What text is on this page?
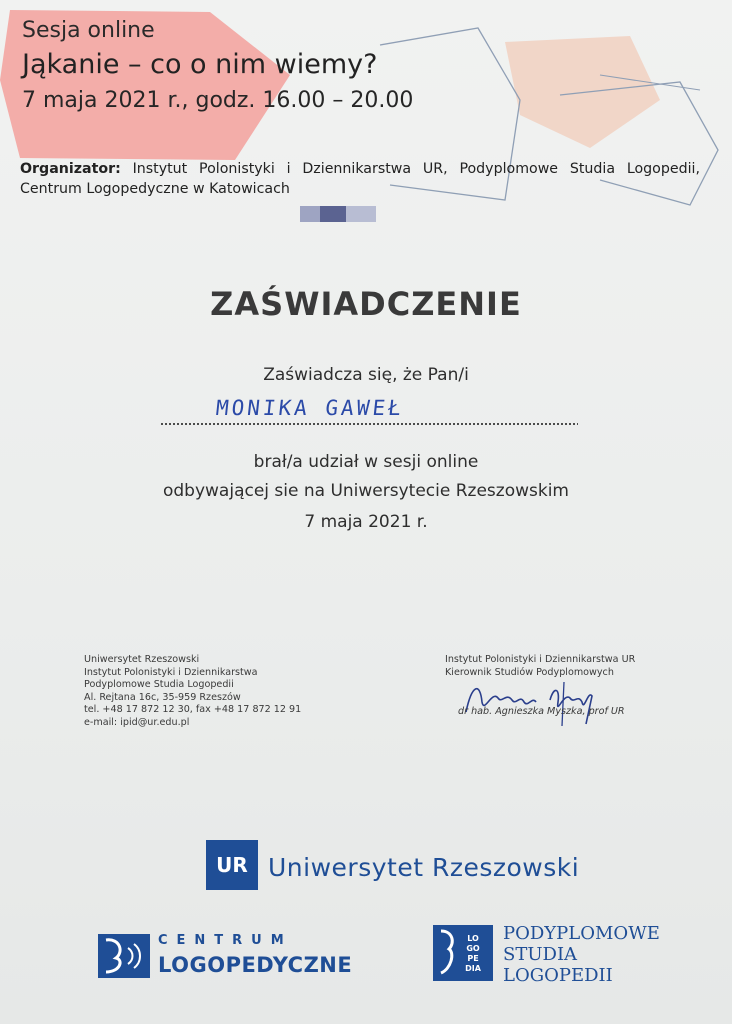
Sesja online
Jąkanie – co o nim wiemy?
7 maja 2021 r., godz. 16.00 – 20.00
Organizator: Instytut Polonistyki i Dziennikarstwa UR, Podyplomowe Studia Logopedii, Centrum Logopedyczne w Katowicach
ZAŚWIADCZENIE
Zaświadcza się, że Pan/i
MONIKA GAWEŁ
brał/a udział w sesji online
odbywającej sie na Uniwersytecie Rzeszowskim
7 maja 2021 r.
Uniwersytet Rzeszowski
Instytut Polonistyki i Dziennikarstwa
Podyplomowe Studia Logopedii
Al. Rejtana 16c, 35-959 Rzeszów
tel. +48 17 872 12 30, fax +48 17 872 12 91
e-mail: ipid@ur.edu.pl
Instytut Polonistyki i Dziennikarstwa UR
Kierownik Studiów Podyplomowych
dr hab. Agnieszka Myszka, prof UR
UR Uniwersytet Rzeszowski
CENTRUM
LOGOPEDYCZNE
LO
GO
PE
DIA
PODYPLOMOWE
STUDIA
LOGOPEDII
